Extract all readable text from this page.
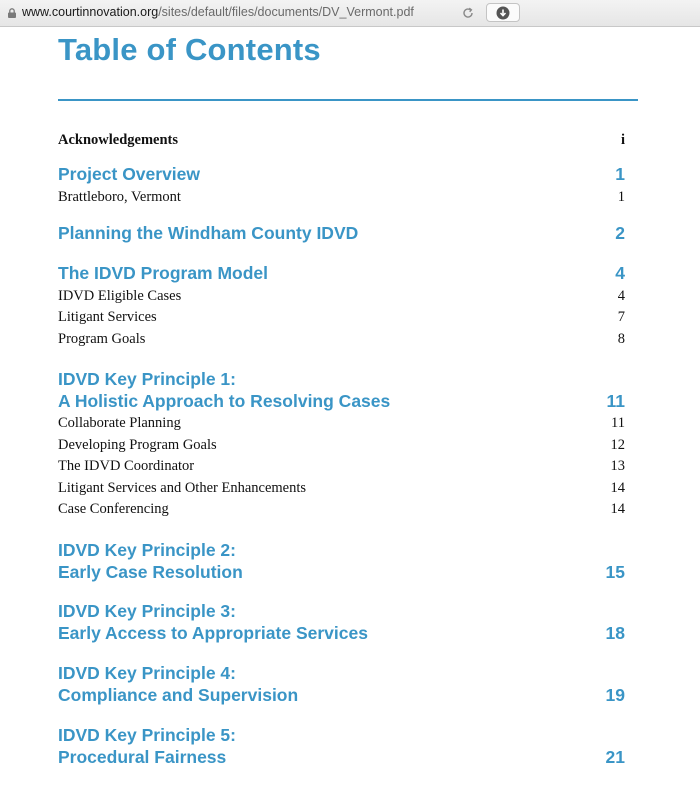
www.courtinnovation.org/sites/default/files/documents/DV_Vermont.pdf
Table of Contents
Acknowledgements	i
Project Overview	1
Brattleboro, Vermont	1
Planning the Windham County IDVD	2
The IDVD Program Model	4
IDVD Eligible Cases	4
Litigant Services	7
Program Goals	8
IDVD Key Principle 1:
A Holistic Approach to Resolving Cases	11
Collaborate Planning	11
Developing Program Goals	12
The IDVD Coordinator	13
Litigant Services and Other Enhancements	14
Case Conferencing	14
IDVD Key Principle 2:
Early Case Resolution	15
IDVD Key Principle 3:
Early Access to Appropriate Services	18
IDVD Key Principle 4:
Compliance and Supervision	19
IDVD Key Principle 5:
Procedural Fairness	21
